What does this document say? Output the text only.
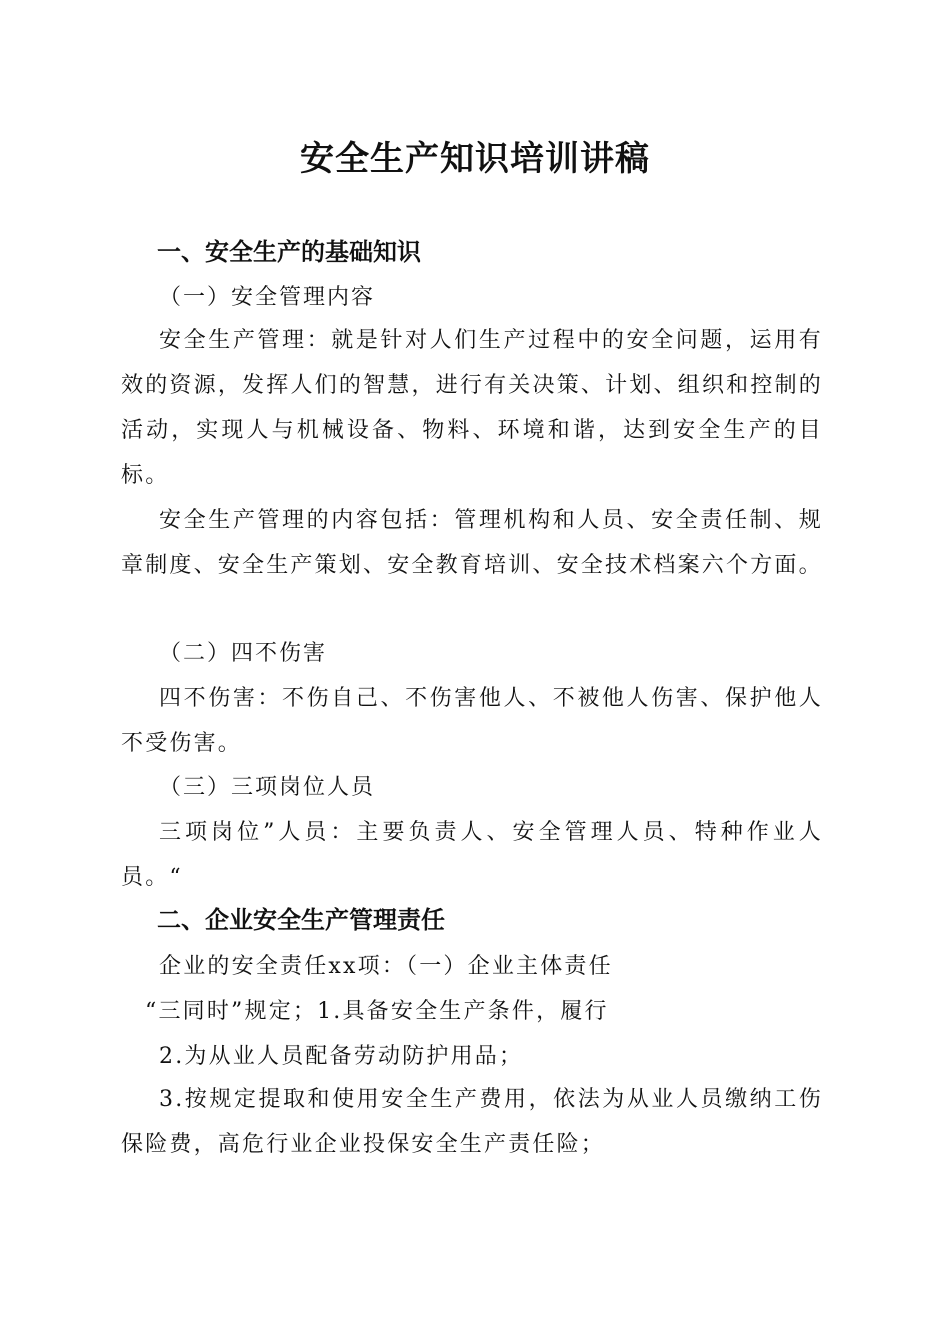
安全生产知识培训讲稿
一、安全生产的基础知识
（一）安全管理内容

安全生产管理：就是针对人们生产过程中的安全问题，运用有效的资源，发挥人们的智慧，进行有关决策、计划、组织和控制的活动，实现人与机械设备、物料、环境和谐，达到安全生产的目标。

安全生产管理的内容包括：管理机构和人员、安全责任制、规章制度、安全生产策划、安全教育培训、安全技术档案六个方面。

（二）四不伤害

四不伤害：不伤自己、不伤害他人、不被他人伤害、保护他人不受伤害。

（三）三项岗位人员

三项岗位”人员：主要负责人、安全管理人员、特种作业人员。“

二、企业安全生产管理责任
企业的安全责任xx项：（一）企业主体责任
“三同时”规定；1.具备安全生产条件，履行
2.为从业人员配备劳动防护用品；

3.按规定提取和使用安全生产费用，依法为从业人员缴纳工伤保险费，高危行业企业投保安全生产责任险；
